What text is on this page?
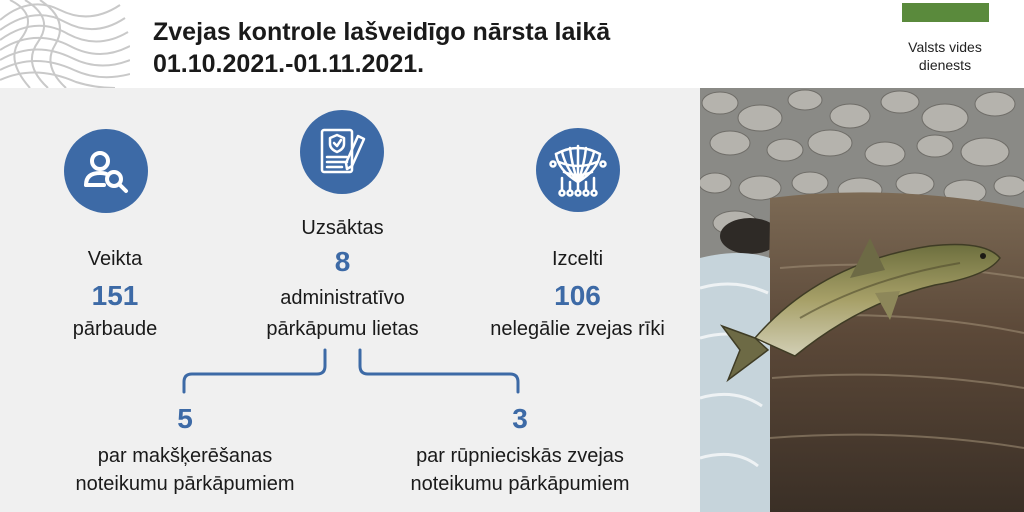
Zvejas kontrole lašveidīgo nārsta laikā
01.10.2021.-01.11.2021.
Valsts vides
dienests
Veikta
151
pārbaude
Uzsāktas
8
administratīvo
pārkāpumu lietas
Izcelti
106
nelegālie zvejas rīki
5
par makšķerēšanas
noteikumu pārkāpumiem
3
par rūpnieciskās zvejas
noteikumu pārkāpumiem
